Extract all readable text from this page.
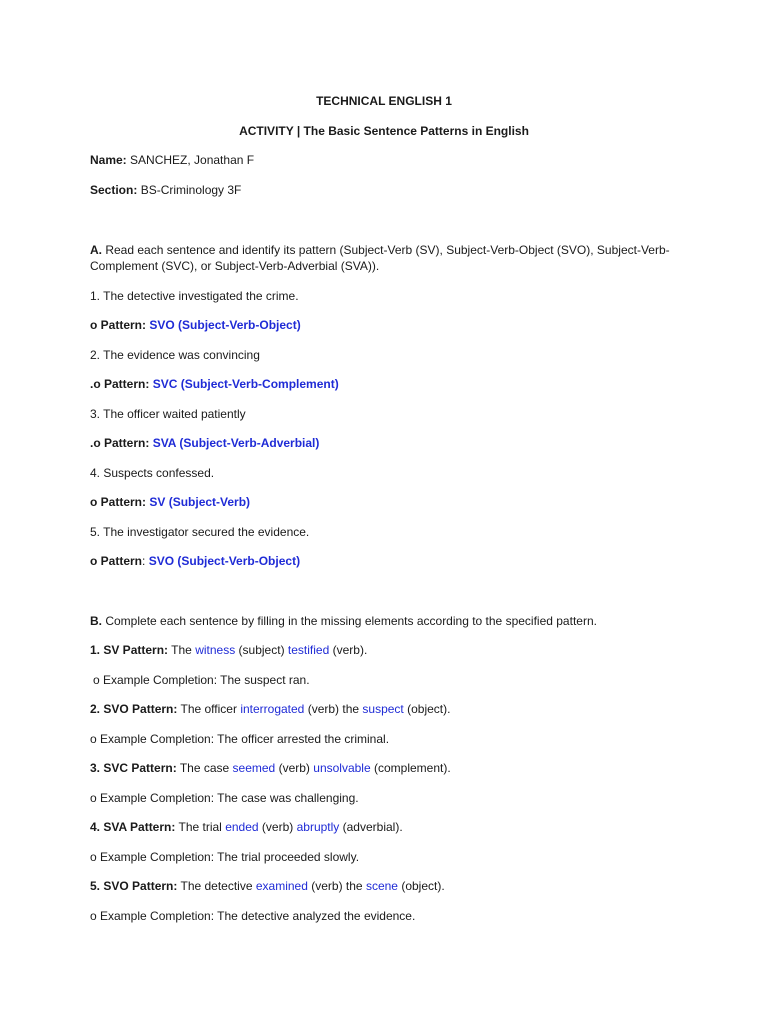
TECHNICAL ENGLISH 1
ACTIVITY | The Basic Sentence Patterns in English
Name: SANCHEZ, Jonathan F
Section: BS-Criminology 3F
A. Read each sentence and identify its pattern (Subject-Verb (SV), Subject-Verb-Object (SVO), Subject-Verb-Complement (SVC), or Subject-Verb-Adverbial (SVA)).
1. The detective investigated the crime.
o Pattern: SVO (Subject-Verb-Object)
2. The evidence was convincing
.o Pattern: SVC (Subject-Verb-Complement)
3. The officer waited patiently
.o Pattern: SVA (Subject-Verb-Adverbial)
4. Suspects confessed.
o Pattern: SV (Subject-Verb)
5. The investigator secured the evidence.
o Pattern: SVO (Subject-Verb-Object)
B. Complete each sentence by filling in the missing elements according to the specified pattern.
1. SV Pattern: The witness (subject) testified (verb).
o Example Completion: The suspect ran.
2. SVO Pattern: The officer interrogated (verb) the suspect (object).
o Example Completion: The officer arrested the criminal.
3. SVC Pattern: The case seemed (verb) unsolvable (complement).
o Example Completion: The case was challenging.
4. SVA Pattern: The trial ended (verb) abruptly (adverbial).
o Example Completion: The trial proceeded slowly.
5. SVO Pattern: The detective examined (verb) the scene (object).
o Example Completion: The detective analyzed the evidence.
